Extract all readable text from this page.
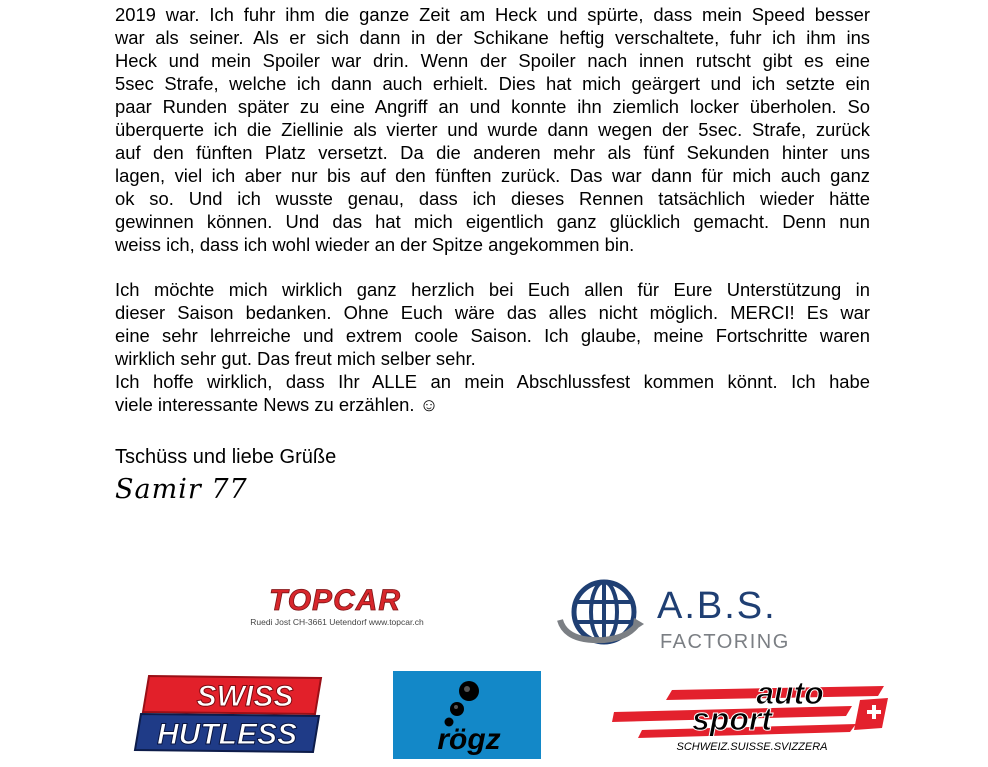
2019 war. Ich fuhr ihm die ganze Zeit am Heck und spürte, dass mein Speed besser
war als seiner. Als er sich dann in der Schikane heftig verschaltete, fuhr ich ihm ins
Heck und mein Spoiler war drin. Wenn der Spoiler nach innen rutscht gibt es eine
5sec Strafe, welche ich dann auch erhielt. Dies hat mich geärgert und ich setzte ein
paar Runden später zu eine Angriff an und konnte ihn ziemlich locker überholen. So
überquerte ich die Ziellinie als vierter und wurde dann wegen der 5sec. Strafe, zurück
auf den fünften Platz versetzt. Da die anderen mehr als fünf Sekunden hinter uns
lagen, viel ich aber nur bis auf den fünften zurück. Das war dann für mich auch ganz
ok so. Und ich wusste genau, dass ich dieses Rennen tatsächlich wieder hätte
gewinnen können. Und das hat mich eigentlich ganz glücklich gemacht. Denn nun
weiss ich, dass ich wohl wieder an der Spitze angekommen bin.
Ich möchte mich wirklich ganz herzlich bei Euch allen für Eure Unterstützung in
dieser Saison bedanken. Ohne Euch wäre das alles nicht möglich. MERCI! Es war
eine sehr lehrreiche und extrem coole Saison. Ich glaube, meine Fortschritte waren
wirklich sehr gut. Das freut mich selber sehr.
Ich hoffe wirklich, dass Ihr ALLE an mein Abschlussfest kommen könnt. Ich habe
viele interessante News zu erzählen. ☺
Tschüss und liebe Grüße
Samir 77
TOPCAR
Ruedi Jost CH-3661 Uetendorf www.topcar.ch	A.B.S.
FACTORING
SWISS
HUTLESS	rögz
auto
sport
SCHWEIZ.SUISSE.SVIZZERA
